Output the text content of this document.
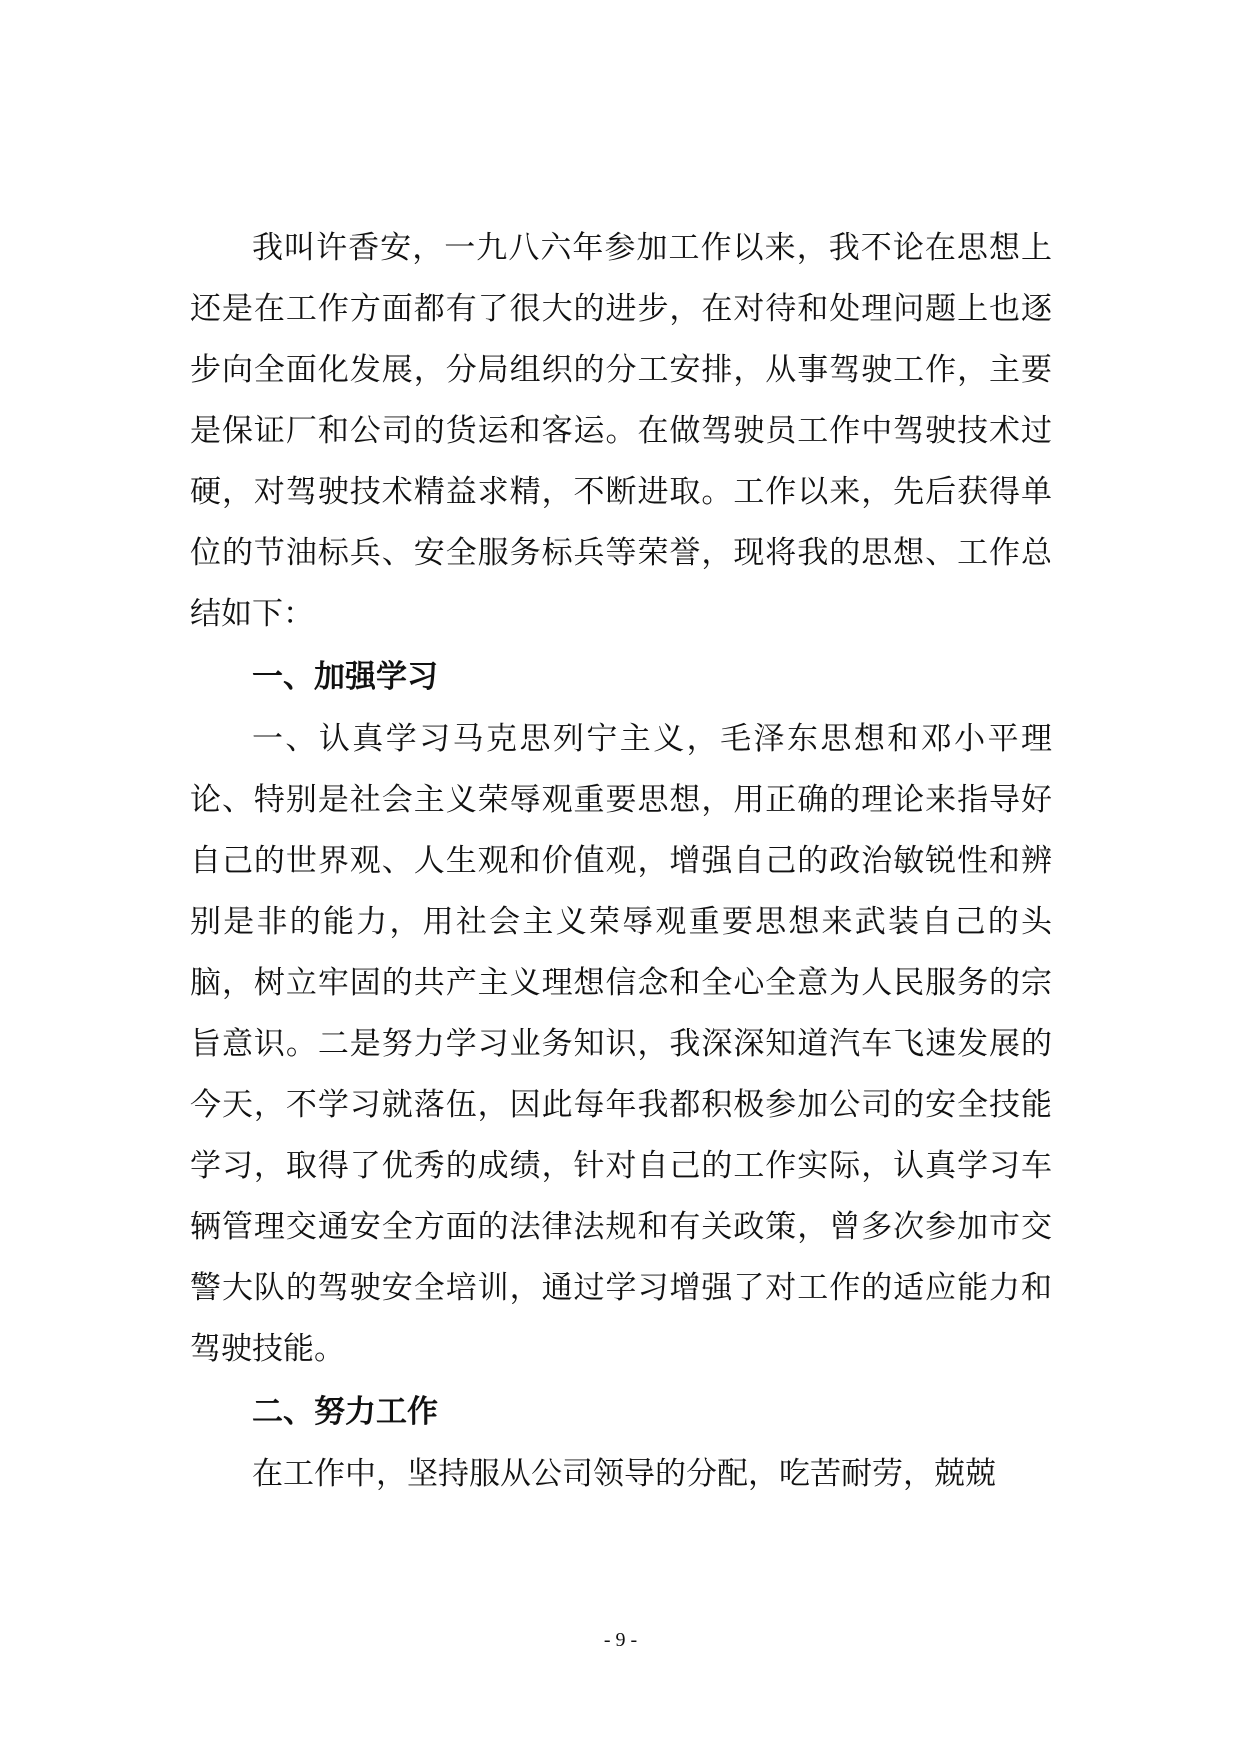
我叫许香安，一九八六年参加工作以来，我不论在思想上还是在工作方面都有了很大的进步，在对待和处理问题上也逐步向全面化发展，分局组织的分工安排，从事驾驶工作，主要是保证厂和公司的货运和客运。在做驾驶员工作中驾驶技术过硬，对驾驶技术精益求精，不断进取。工作以来，先后获得单位的节油标兵、安全服务标兵等荣誉，现将我的思想、工作总结如下：

一、加强学习

一、认真学习马克思列宁主义，毛泽东思想和邓小平理论、特别是社会主义荣辱观重要思想，用正确的理论来指导好自己的世界观、人生观和价值观，增强自己的政治敏锐性和辨别是非的能力，用社会主义荣辱观重要思想来武装自己的头脑，树立牢固的共产主义理想信念和全心全意为人民服务的宗旨意识。二是努力学习业务知识，我深深知道汽车飞速发展的今天，不学习就落伍，因此每年我都积极参加公司的安全技能学习，取得了优秀的成绩，针对自己的工作实际，认真学习车辆管理交通安全方面的法律法规和有关政策，曾多次参加市交警大队的驾驶安全培训，通过学习增强了对工作的适应能力和驾驶技能。

二、努力工作

在工作中，坚持服从公司领导的分配，吃苦耐劳，兢兢

- 9 -
